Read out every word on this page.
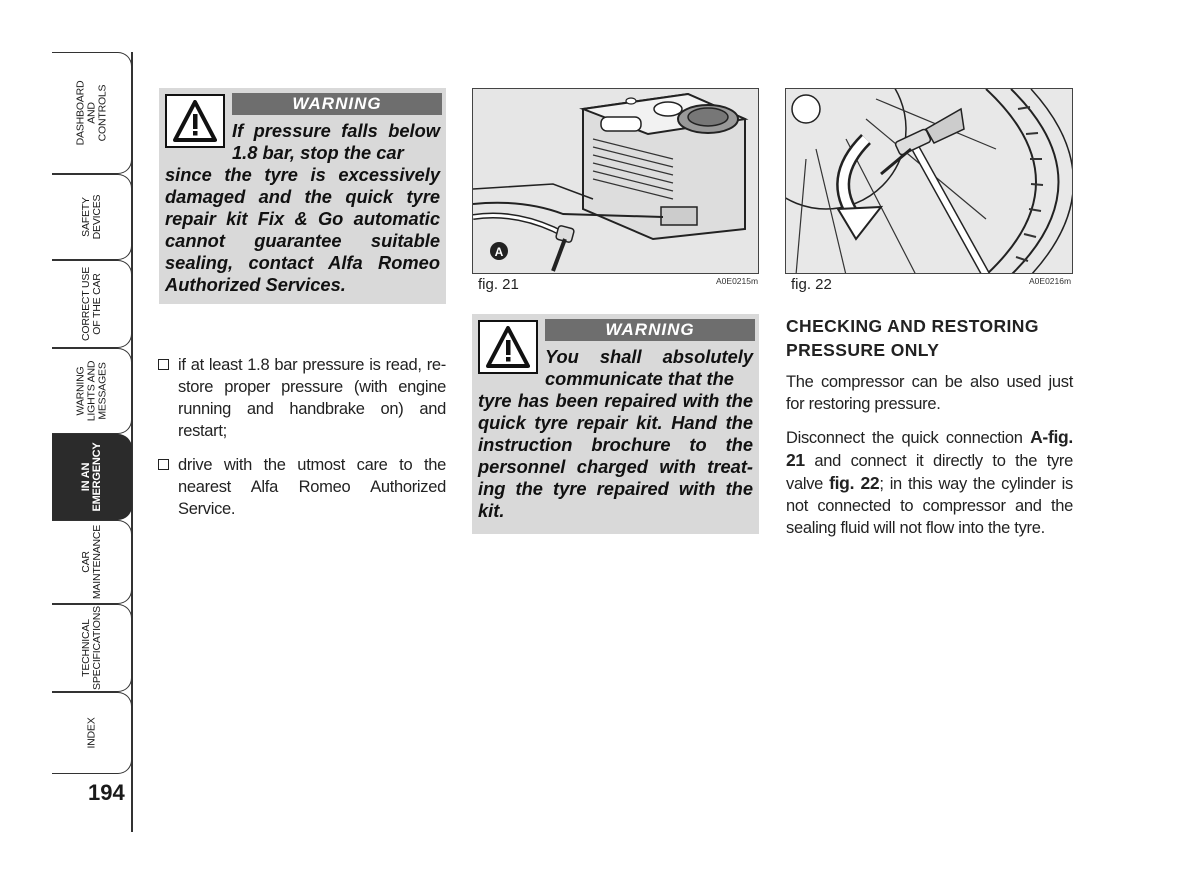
DASHBOARD
AND
CONTROLS
SAFETY
DEVICES
CORRECT USE
OF THE CAR
WARNING
LIGHTS AND
MESSAGES
IN AN
EMERGENCY
CAR
MAINTENANCE
TECHNICAL
SPECIFICATIONS
INDEX
194
WARNING
If pressure falls below 1.8 bar, stop the car
since the tyre is excessively damaged and the quick tyre repair kit Fix & Go automatic cannot guarantee suitable sealing, contact Alfa Romeo Authorized Services.
if at least 1.8 bar pressure is read, re-store proper pressure (with engine running and handbrake on) and restart;
drive with the utmost care to the nearest Alfa Romeo Authorized Service.
A
fig. 21	A0E0215m fig. 22	A0E0216m
WARNING
You shall absolutely communicate that the
tyre has been repaired with the quick tyre repair kit. Hand the instruction brochure to the personnel charged with treat-ing the tyre repaired with the kit.
CHECKING AND RESTORING PRESSURE ONLY
The compressor can be also used just for restoring pressure.
Disconnect the quick connection A-fig. 21 and connect it directly to the tyre valve fig. 22; in this way the cylinder is not connected to compressor and the sealing fluid will not flow into the tyre.
